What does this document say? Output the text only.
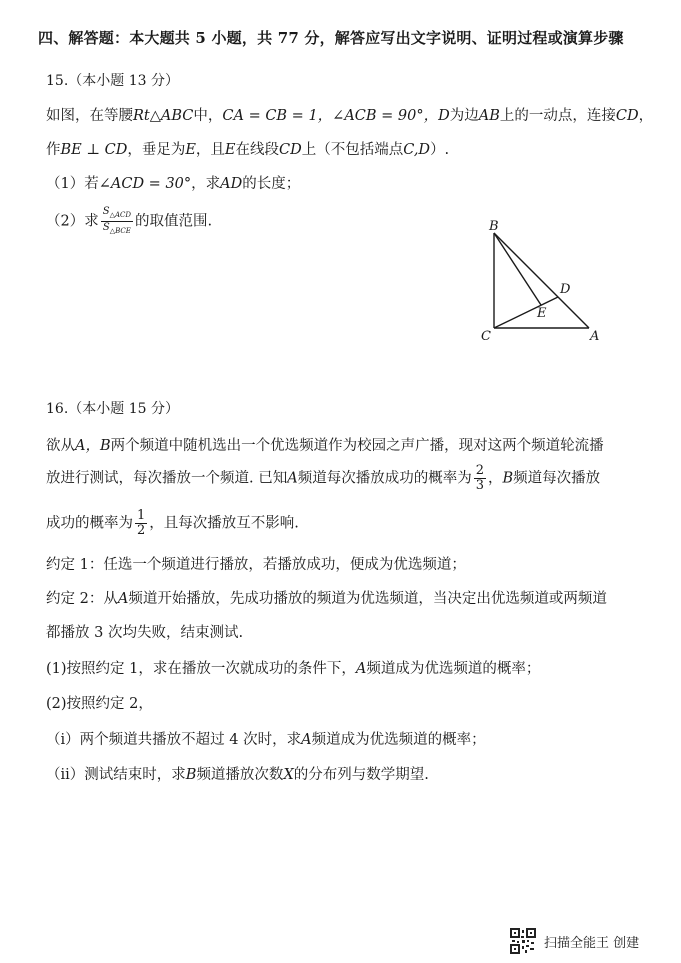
四、解答题：本大题共 5 小题，共 77 分，解答应写出文字说明、证明过程或演算步骤
15.（本小题 13 分）
如图，在等腰Rt△ABC中，CA = CB = 1，∠ACB = 90°，D为边AB上的一动点，连接CD，
作BE ⊥ CD，垂足为E，且E在线段CD上（不包括端点C,D）.
（1）若∠ACD = 30°，求AD的长度；
（2）求 $\frac{S_{\triangle ACD}}{S_{\triangle BCE}}$ 的取值范围.	B
D
E
C	A
16.（本小题 15 分）
欲从A，B两个频道中随机选出一个优选频道作为校园之声广播，现对这两个频道轮流播
放进行测试，每次播放一个频道. 已知A频道每次播放成功的概率为 $\frac{2}{3}$ ，B频道每次播放
成功的概率为 $\frac{1}{2}$ ，且每次播放互不影响.
约定 1：任选一个频道进行播放，若播放成功，便成为优选频道；
约定 2：从A频道开始播放，先成功播放的频道为优选频道，当决定出优选频道或两频道
都播放 3 次均失败，结束测试.
(1)按照约定 1，求在播放一次就成功的条件下，A频道成为优选频道的概率；
(2)按照约定 2，
（i）两个频道共播放不超过 4 次时，求A频道成为优选频道的概率；
（ii）测试结束时，求B频道播放次数X的分布列与数学期望.
扫描全能王 创建
